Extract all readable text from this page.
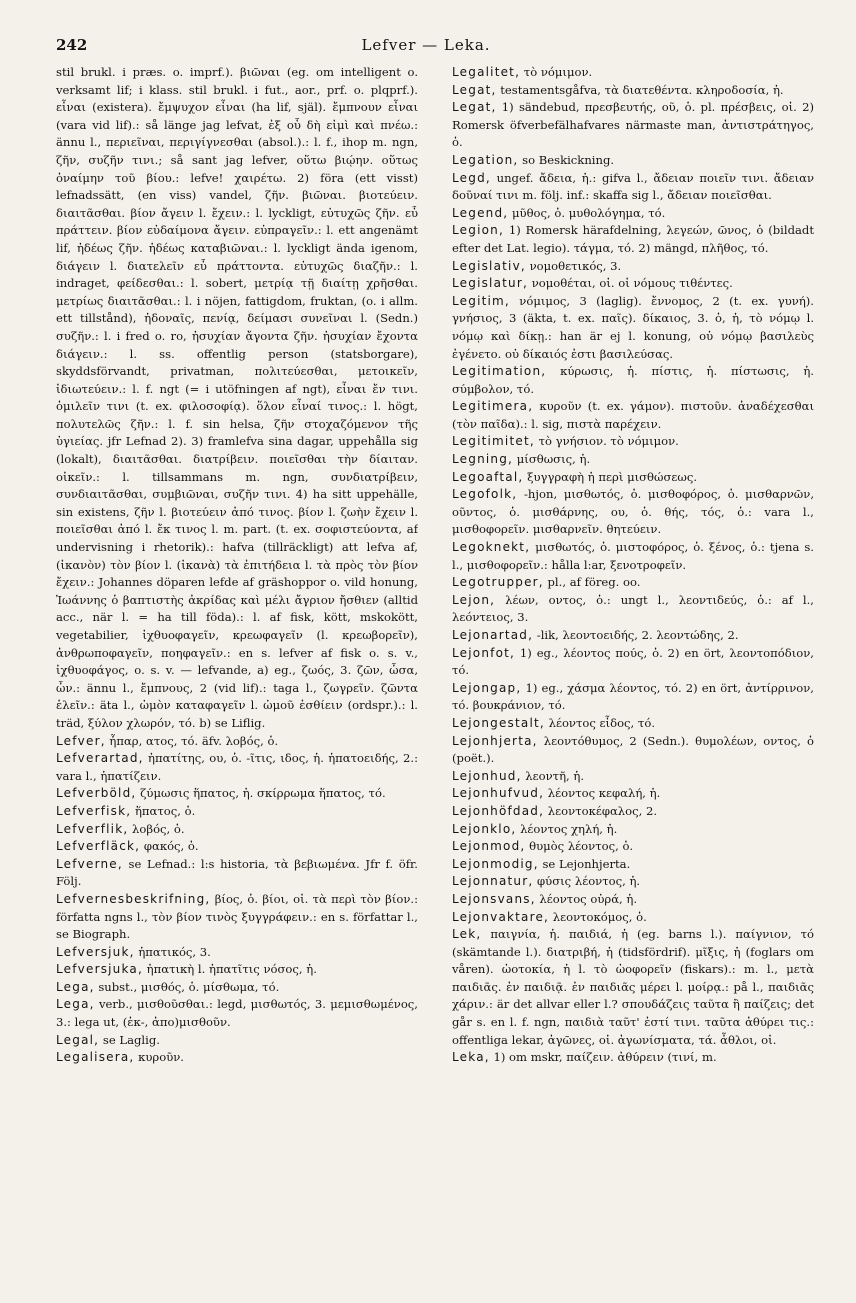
242	Lefver — Leka.

stil brukl. i præs. o. imprf.). βιῶναι (eg. om intelligent o. verksamt lif; i klass. stil brukl. i fut., aor., prf. o. plqprf.). εἶναι (existera). ἔμψυχον εἶναι (ha lif, själ). ἔμπνουν εἶναι (vara vid lif).: så länge jag lefvat, ἐξ οὗ δὴ εἰμὶ καὶ πνέω.: ännu l., περιεῖναι, περιγίγνεσθαι (absol.).: l. f., ihop m. ngn, ζῆν, συζῆν τινι.; så sant jag lefver, οὕτω βιῴην. οὕτως ὀναίμην τοῦ βίου.: lefve! χαιρέτω. 2) föra (ett visst) lefnadssätt, (en viss) vandel, ζῆν. βιῶναι. βιοτεύειν. διαιτᾶσθαι. βίον ἄγειν l. ἔχειν.: l. lyckligt, εὐτυχῶς ζῆν. εὖ πράττειν. βίον εὐδαίμονα ἄγειν. εὐπραγεῖν.: l. ett angenämt lif, ἡδέως ζῆν. ἡδέως καταβιῶναι.: l. lyckligt ända igenom, διάγειν l. διατελεῖν εὖ πράττοντα. εὐτυχῶς διαζῆν.: l. indraget, φείδεσθαι.: l. sobert, μετρίᾳ τῇ διαίτῃ χρῆσθαι. μετρίως διαιτᾶσθαι.: l. i nöjen, fattigdom, fruktan, (o. i allm. ett tillstånd), ἡδοναῖς, πενίᾳ, δείμασι συνεῖναι l. (Sedn.) συζῆν.: l. i fred o. ro, ἡσυχίαν ἄγοντα ζῆν. ἡσυχίαν ἔχοντα διάγειν.: l. ss. offentlig person (statsborgare), skyddsförvandt, privatman, πολιτεύεσθαι, μετοικεῖν, ἰδιωτεύειν.: l. f. ngt (= i utöfningen af ngt), εἶναι ἔν τινι. ὁμιλεῖν τινι (t. ex. φιλοσοφίᾳ). ὅλον εἶναί τινος.: l. högt, πολυτελῶς ζῆν.: l. f. sin helsa, ζῆν στοχαζόμενον τῆς ὑγιείας. jfr Lefnad 2). 3) framlefva sina dagar, uppehålla sig (lokalt), διαιτᾶσθαι. διατρίβειν. ποιεῖσθαι τὴν δίαιταν. οἰκεῖν.: l. tillsammans m. ngn, συνδιατρίβειν, συνδιαιτᾶσθαι, συμβιῶναι, συζῆν τινι. 4) ha sitt uppehälle, sin existens, ζῆν l. βιοτεύειν ἀπό τινος. βίον l. ζωὴν ἔχειν l. ποιεῖσθαι ἀπό l. ἔκ τινος l. m. part. (t. ex. σοφιστεύοντα, af undervisning i rhetorik).: hafva (tillräckligt) att lefva af, (ἱκανὸν) τὸν βίον l. (ἱκανὰ) τὰ ἐπιτήδεια l. τὰ πρὸς τὸν βίον ἔχειν.: Johannes döparen lefde af gräshoppor o. vild honung, Ἰωάννης ὁ βαπτιστὴς ἀκρίδας καὶ μέλι ἄγριον ἤσθιεν (alltid acc., när l. = ha till föda).: l. af fisk, kött, mskokött, vegetabilier, ἰχθυοφαγεῖν, κρεωφαγεῖν (l. κρεωβορεῖν), ἀνθρωποφαγεῖν, ποηφαγεῖν.: en s. lefver af fisk o. s. v., ἰχθυοφάγος, o. s. v. — lefvande, a) eg., ζωός, 3. ζῶν, ὦσα, ὦν.: ännu l., ἔμπνους, 2 (vid lif).: taga l., ζωγρεῖν. ζῶντα ἑλεῖν.: äta l., ὠμὸν καταφαγεῖν l. ὠμοῦ ἐσθίειν (ordspr.).: l. träd, ξύλον χλωρόν, τό. b) se Liflig.

Lefver, ἧπαρ, ατος, τό. äfv. λοβός, ὁ.

Lefverartad, ἡπατίτης, ου, ὁ. -ῖτις, ιδος, ἡ. ἡπατοειδής, 2.: vara l., ἡπατίζειν.

Lefverböld, ζύμωσις ἥπατος, ἡ. σκίρρωμα ἥπατος, τό.

Lefverfisk, ἥπατος, ὁ.

Lefverflik, λοβός, ὁ.

Lefverfläck, φακός, ὁ.

Lefverne, se Lefnad.: l:s historia, τὰ βεβιωμένα. Jfr f. öfr. Följ.

Lefvernesbeskrifning, βίος, ὁ. βίοι, οἱ. τὰ περὶ τὸν βίον.: författa ngns l., τὸν βίον τινὸς ξυγγράφειν.: en s. författar l., se Biograph.

Lefversjuk, ἡπατικός, 3.

Lefversjuka, ἡπατικὴ l. ἡπατῖτις νόσος, ἡ.

Lega, subst., μισθός, ὁ. μίσθωμα, τό.

Lega, verb., μισθοῦσθαι.: legd, μισθωτός, 3. μεμισθωμένος, 3.: lega ut, (ἐκ-, ἀπο)μισθοῦν.

Legal, se Laglig.

Legalisera, κυροῦν.

Legalitet, τὸ νόμιμον.

Legat, testamentsgåfva, τὰ διατεθέντα. κληροδοσία, ἡ.

Legat, 1) sändebud, πρεσβευτής, οῦ, ὁ. pl. πρέσβεις, οἱ. 2) Romersk öfverbefälhafvares närmaste man, ἀντιστράτηγος, ὁ.

Legation, so Beskickning.

Legd, ungef. ἄδεια, ἡ.: gifva l., ἄδειαν ποιεῖν τινι. ἄδειαν δοῦναί τινι m. följ. inf.: skaffa sig l., ἄδειαν ποιεῖσθαι.

Legend, μῦθος, ὁ. μυθολόγημα, τό.

Legion, 1) Romersk härafdelning, λεγεών, ῶνος, ὁ (bildadt efter det Lat. legio). τάγμα, τό. 2) mängd, πλῆθος, τό.

Legislativ, νομοθετικός, 3.

Legislatur, νομοθέται, οἱ. οἱ νόμους τιθέντες.

Legitim, νόμιμος, 3 (laglig). ἔννομος, 2 (t. ex. γυνή). γνήσιος, 3 (äkta, t. ex. παῖς). δίκαιος, 3. ὁ, ἡ, τὸ νόμῳ l. νόμῳ καὶ δίκῃ.: han är ej l. konung, οὐ νόμῳ βασιλεὺς ἐγένετο. οὐ δίκαιός ἐστι βασιλεύσας.

Legitimation, κύρωσις, ἡ. πίστις, ἡ. πίστωσις, ἡ. σύμβολον, τό.

Legitimera, κυροῦν (t. ex. γάμον). πιστοῦν. ἀναδέχεσθαι (τὸν παῖδα).: l. sig, πιστὰ παρέχειν.

Legitimitet, τὸ γνήσιον. τὸ νόμιμον.

Legning, μίσθωσις, ἡ.

Legoaftal, ξυγγραφὴ ἡ περὶ μισθώσεως.

Legofolk, -hjon, μισθωτός, ὁ. μισθοφόρος, ὁ. μισθαρνῶν, οῦντος, ὁ. μισθάρνης, ου, ὁ. θής, τός, ὁ.: vara l., μισθοφορεῖν. μισθαρνεῖν. θητεύειν.

Legoknekt, μισθωτός, ὁ. μιστοφόρος, ὁ. ξένος, ὁ.: tjena s. l., μισθοφορεῖν.: hålla l:ar, ξενοτροφεῖν.

Legotrupper, pl., af föreg. oo.

Lejon, λέων, οντος, ὁ.: ungt l., λεοντιδεύς, ὁ.: af l., λεόντειος, 3.

Lejonartad, -lik, λεοντοειδής, 2. λεοντώδης, 2.

Lejonfot, 1) eg., λέοντος πούς, ὁ. 2) en ört, λεοντοπόδιον, τό.

Lejongap, 1) eg., χάσμα λέοντος, τό. 2) en ört, ἀντίρρινον, τό. βουκράνιον, τό.

Lejongestalt, λέοντος εἶδος, τό.

Lejonhjerta, λεοντόθυμος, 2 (Sedn.). θυμολέων, οντος, ὁ (poët.).

Lejonhud, λεοντῆ, ἡ.

Lejonhufvud, λέοντος κεφαλή, ἡ.

Lejonhöfdad, λεοντοκέφαλος, 2.

Lejonklo, λέοντος χηλή, ἡ.

Lejonmod, θυμὸς λέοντος, ὁ.

Lejonmodig, se Lejonhjerta.

Lejonnatur, φύσις λέοντος, ἡ.

Lejonsvans, λέοντος οὐρά, ἡ.

Lejonvaktare, λεοντοκόμος, ὁ.

Lek, παιγνία, ἡ. παιδιά, ἡ (eg. barns l.). παίγνιον, τό (skämtande l.). διατριβή, ἡ (tidsfördrif). μῖξις, ἡ (foglars om våren). ὠοτοκία, ἡ l. τὸ ὠοφορεῖν (fiskars).: m. l., μετὰ παιδιᾶς. ἐν παιδιᾷ. ἐν παιδιᾶς μέρει l. μοίρᾳ.: på l., παιδιᾶς χάριν.: är det allvar eller l.? σπουδάζεις ταῦτα ἢ παίζεις; det går s. en l. f. ngn, παιδιὰ ταῦτ' ἐστί τινι. ταῦτα ἀθύρει τις.: offentliga lekar, ἀγῶνες, οἱ. ἀγωνίσματα, τά. ἆθλοι, οἱ.

Leka, 1) om mskr, παίζειν. ἀθύρειν (τινί, m.
